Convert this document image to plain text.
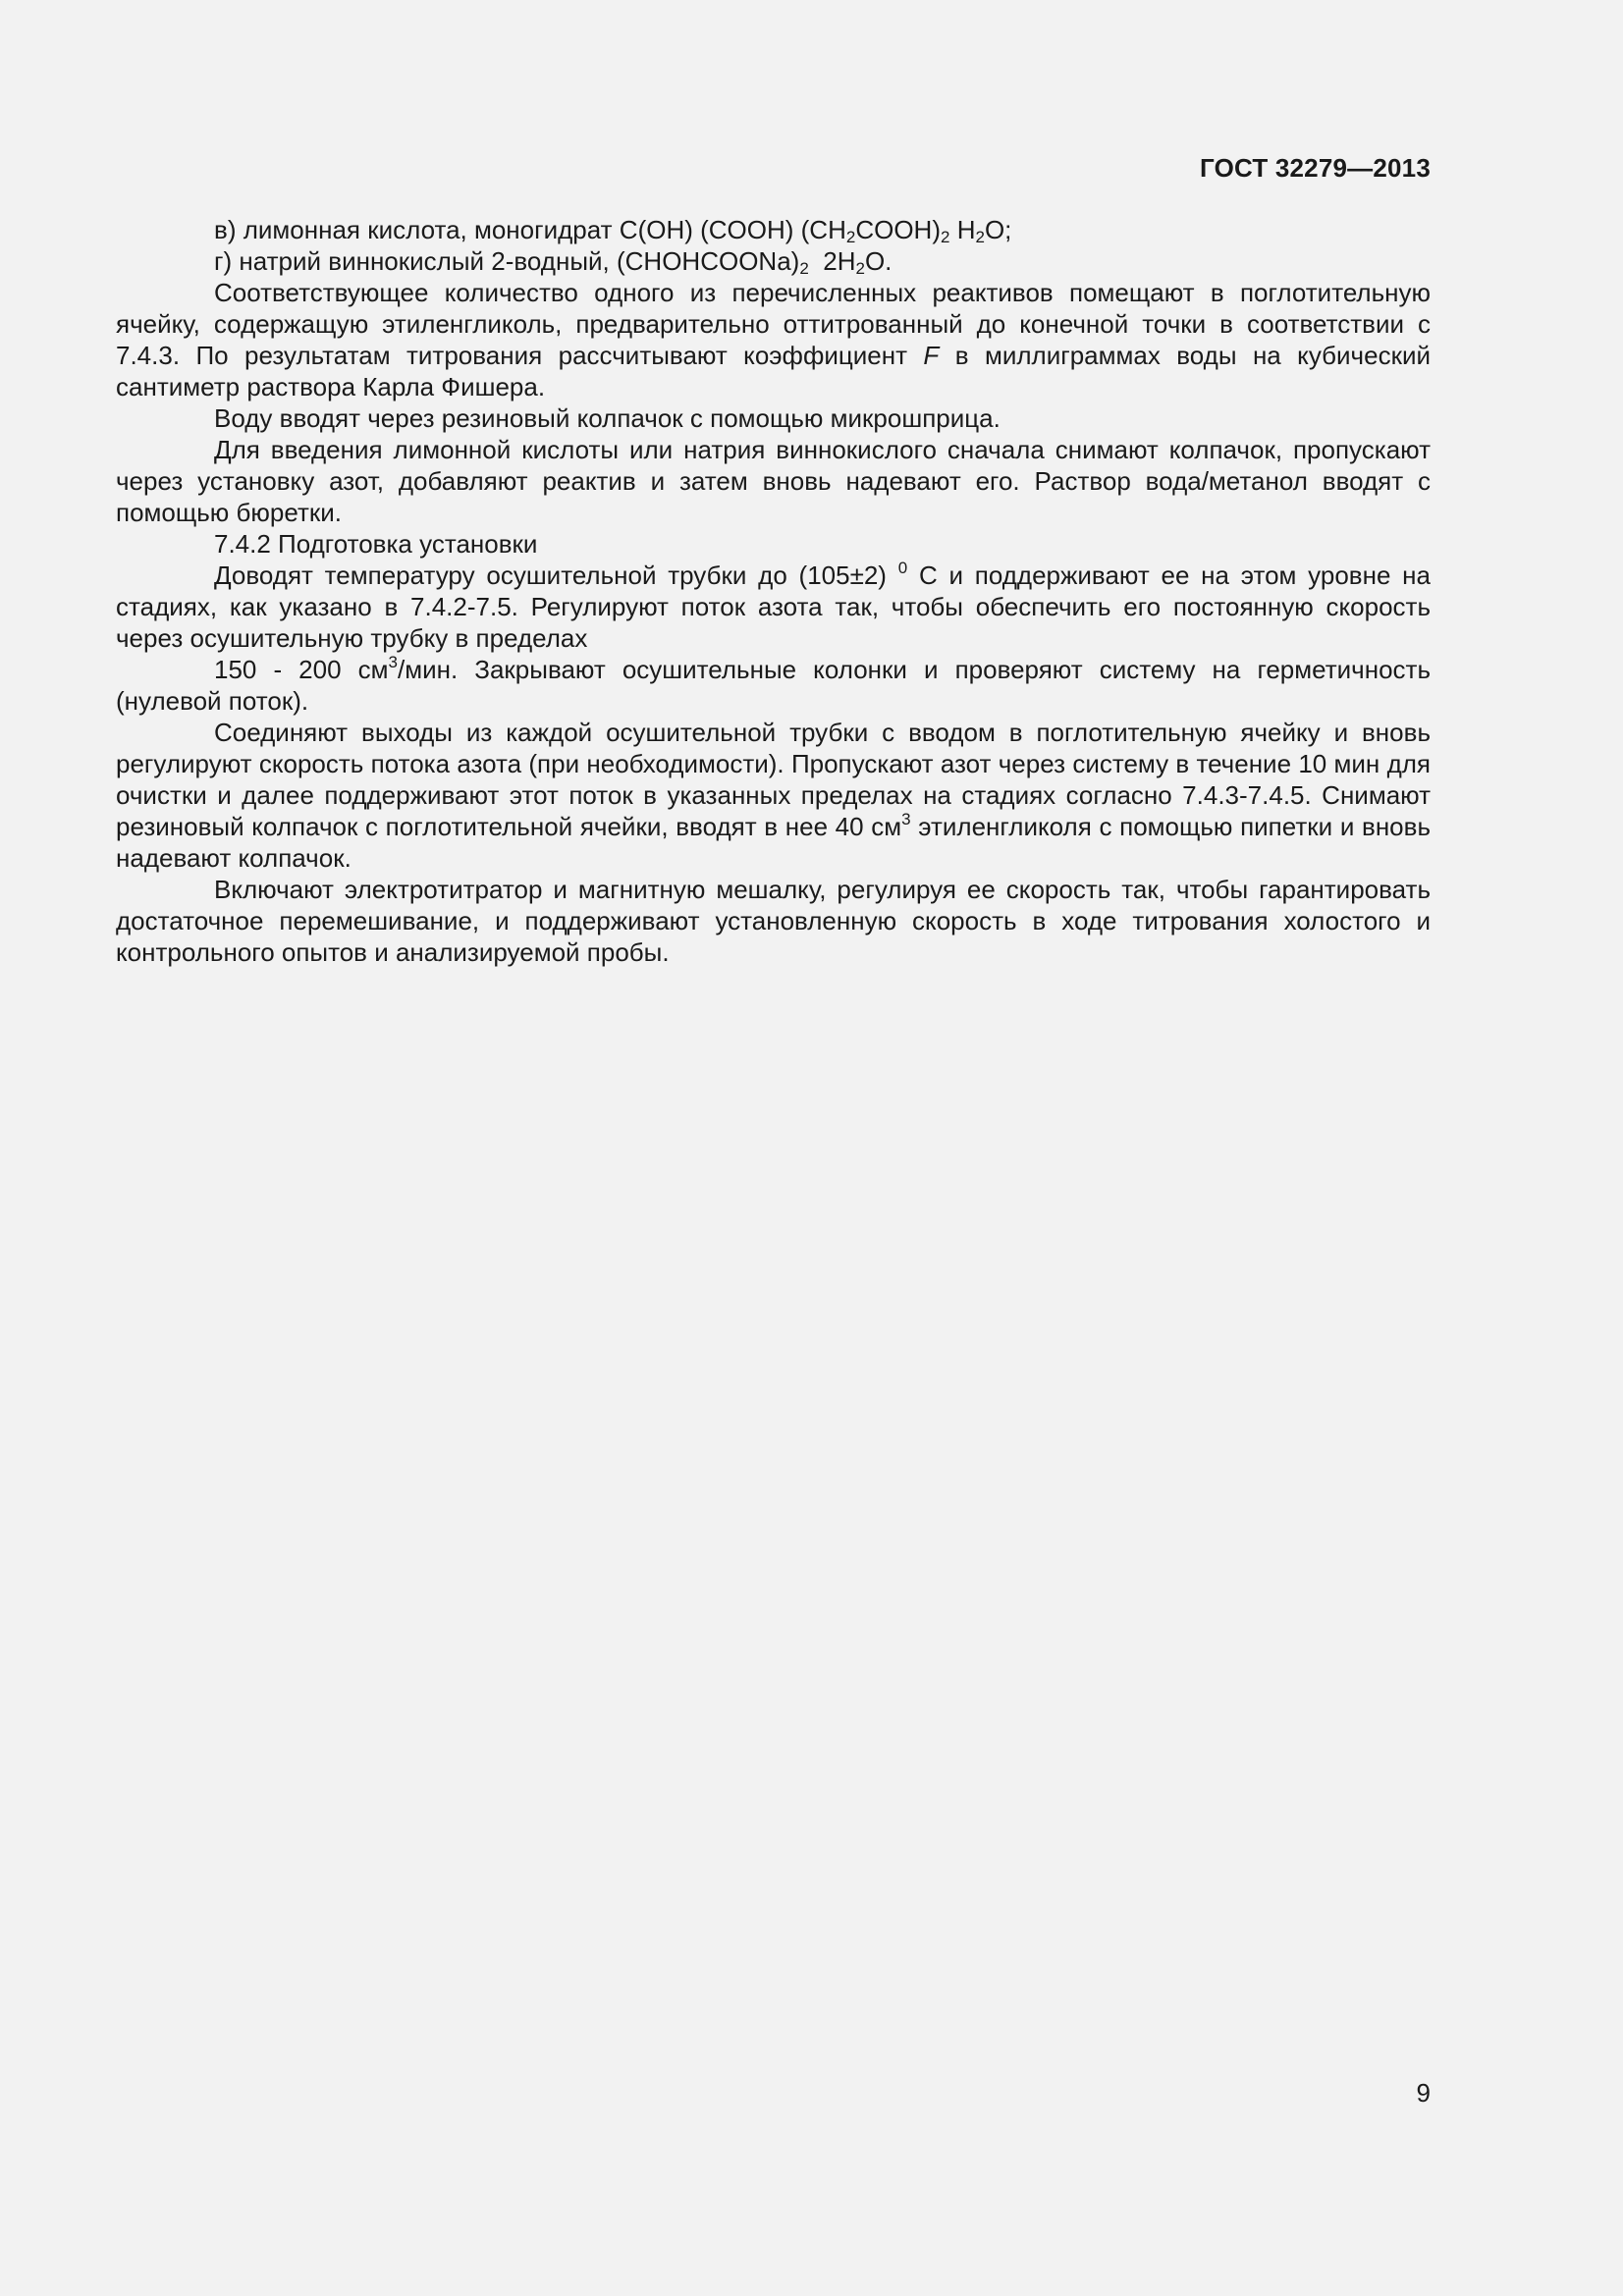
ГОСТ 32279—2013

в) лимонная кислота, моногидрат C(OH) (COOH) $(CH_2COOH)_2$ $H_2O$;

г) натрий виннокислый 2-водный, $(CHOHCOONa)_2$  $2H_2O$.

Соответствующее количество одного из перечисленных реактивов помещают в поглотительную ячейку, содержащую этиленгликоль, предварительно оттитрованный до конечной точки в соответствии с 7.4.3. По результатам титрования рассчитывают коэффициент F в миллиграммах воды на кубический сантиметр раствора Карла Фишера.

Воду вводят через резиновый колпачок с помощью микрошприца.

Для введения лимонной кислоты или натрия виннокислого сначала снимают колпачок, пропускают через установку азот, добавляют реактив и затем вновь надевают его. Раствор вода/метанол вводят с помощью бюретки.

7.4.2 Подготовка установки

Доводят температуру осушительной трубки до (105±2) $^0$ С и поддерживают ее на этом уровне на стадиях, как указано в 7.4.2-7.5. Регулируют поток азота так, чтобы обеспечить его постоянную скорость через осушительную трубку в пределах

150 - 200 $см^3$/мин. Закрывают осушительные колонки и проверяют систему на герметичность (нулевой поток).

Соединяют выходы из каждой осушительной трубки с вводом в поглотительную ячейку и вновь регулируют скорость потока азота (при необходимости). Пропускают азот через систему в течение 10 мин для очистки и далее поддерживают этот поток в указанных пределах на стадиях согласно 7.4.3-7.4.5. Снимают резиновый колпачок с поглотительной ячейки, вводят в нее 40 $см^3$ этиленгликоля с помощью пипетки и вновь надевают колпачок.

Включают электротитратор и магнитную мешалку, регулируя ее скорость так, чтобы гарантировать достаточное перемешивание, и поддерживают установленную скорость в ходе титрования холостого и контрольного опытов и анализируемой пробы.

9
